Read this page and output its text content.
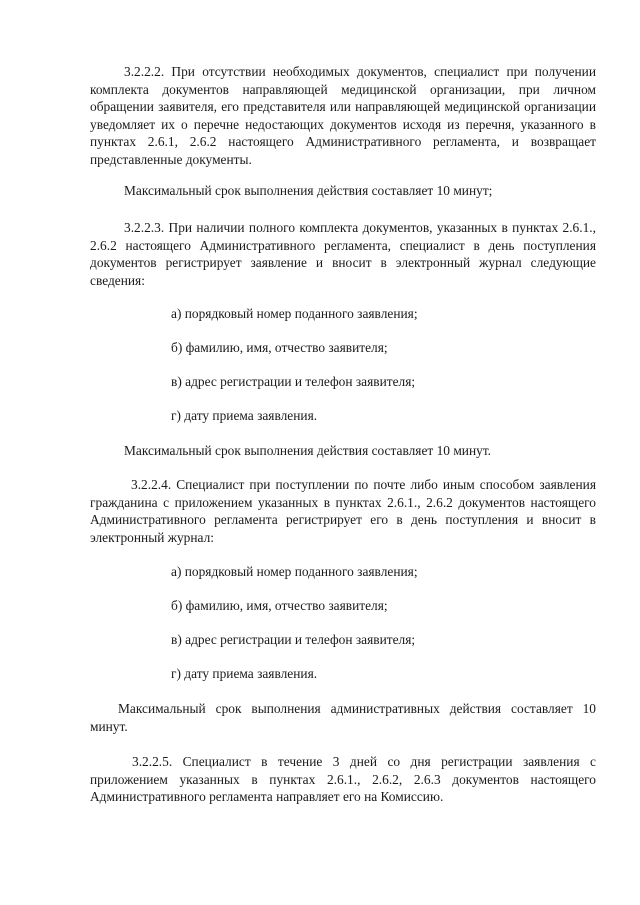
3.2.2.2. При отсутствии необходимых документов, специалист при получении комплекта документов направляющей медицинской организации, при личном обращении заявителя, его представителя или направляющей медицинской организации уведомляет их о перечне недостающих документов исходя из перечня, указанного в пунктах 2.6.1, 2.6.2 настоящего Административного регламента, и возвращает представленные документы.

Максимальный срок выполнения действия составляет 10 минут;

3.2.2.3. При наличии полного комплекта документов, указанных в пунктах 2.6.1., 2.6.2 настоящего Административного регламента, специалист в день поступления документов регистрирует заявление и вносит в электронный журнал следующие сведения:

а) порядковый номер поданного заявления;

б) фамилию, имя, отчество заявителя;

в) адрес регистрации и телефон заявителя;

г) дату приема заявления.

Максимальный срок выполнения действия составляет 10 минут.

3.2.2.4. Специалист при поступлении по почте либо иным способом заявления гражданина с приложением указанных в пунктах 2.6.1., 2.6.2 документов настоящего Административного регламента регистрирует его в день поступления и вносит в электронный журнал:

а) порядковый номер поданного заявления;

б) фамилию, имя, отчество заявителя;

в) адрес регистрации и телефон заявителя;

г) дату приема заявления.

Максимальный срок выполнения административных действия составляет 10 минут.

3.2.2.5. Специалист в течение 3 дней со дня регистрации заявления с приложением указанных в пунктах 2.6.1., 2.6.2, 2.6.3 документов настоящего Административного регламента направляет его на Комиссию.
